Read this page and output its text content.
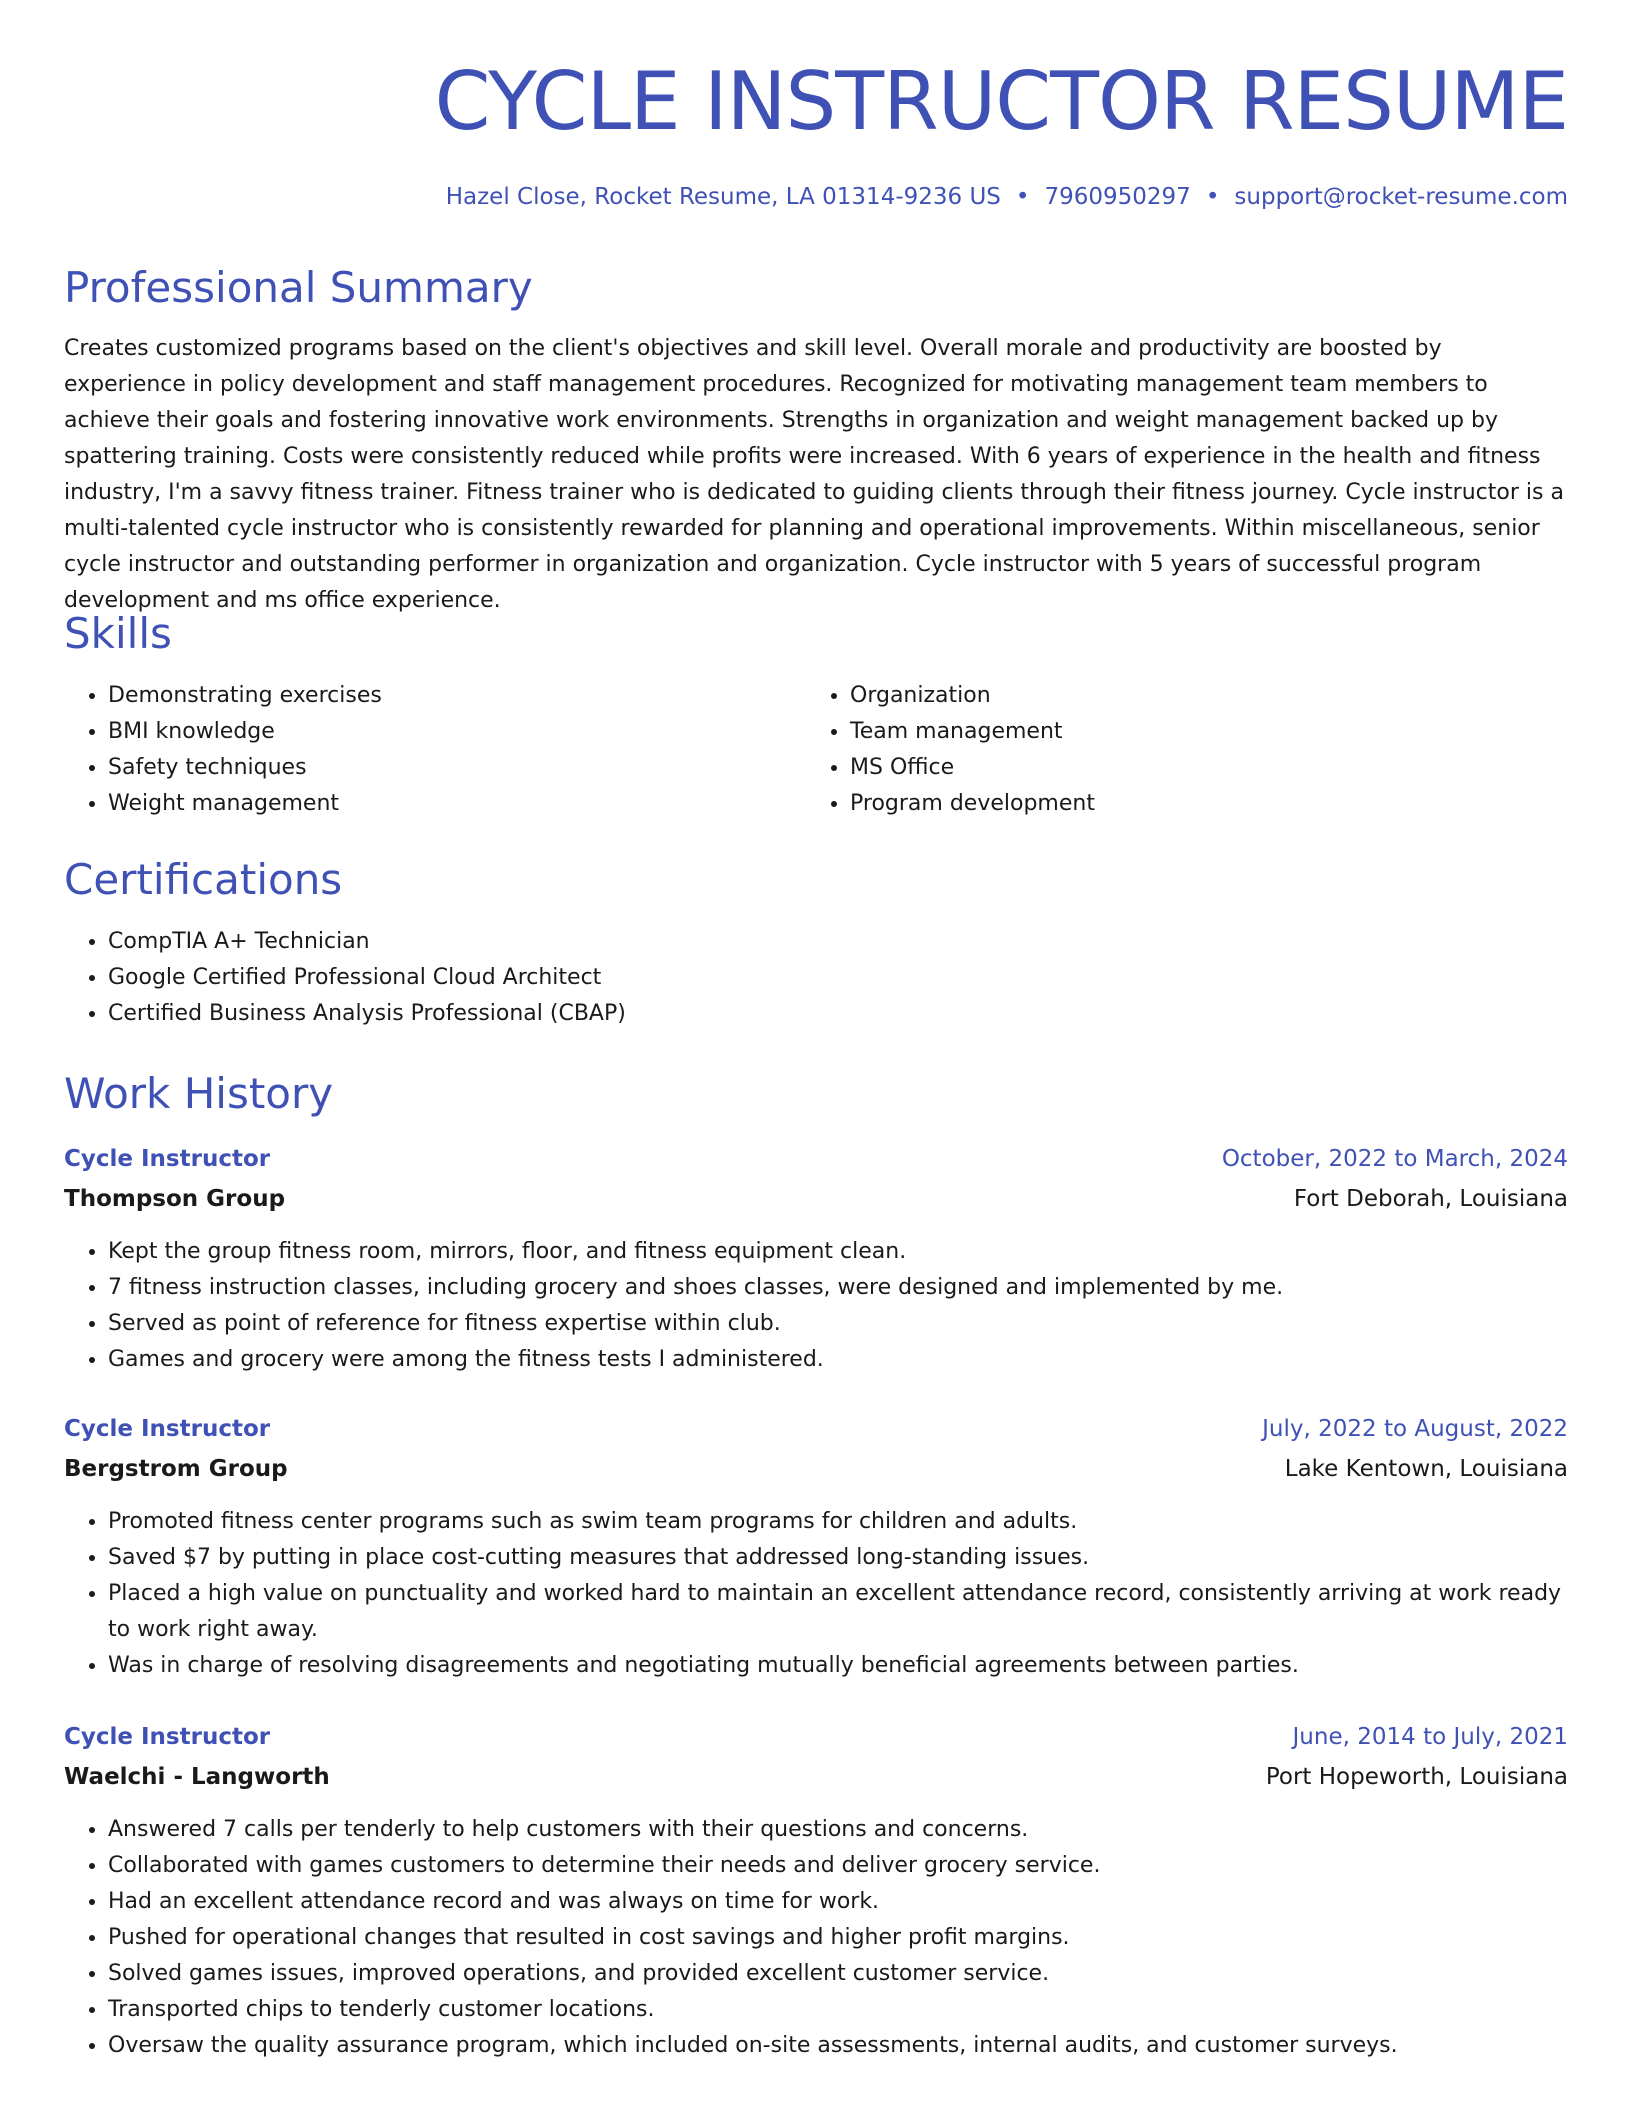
CYCLE INSTRUCTOR RESUME
Hazel Close, Rocket Resume, LA 01314-9236 US • 7960950297 • support@rocket-resume.com
Professional Summary

Creates customized programs based on the client's objectives and skill level. Overall morale and productivity are boosted by experience in policy development and staff management procedures. Recognized for motivating management team members to achieve their goals and fostering innovative work environments. Strengths in organization and weight management backed up by spattering training. Costs were consistently reduced while profits were increased. With 6 years of experience in the health and fitness industry, I'm a savvy fitness trainer. Fitness trainer who is dedicated to guiding clients through their fitness journey. Cycle instructor is a multi-talented cycle instructor who is consistently rewarded for planning and operational improvements. Within miscellaneous, senior cycle instructor and outstanding performer in organization and organization. Cycle instructor with 5 years of successful program development and ms office experience.

Skills
• Demonstrating exercises
• BMI knowledge
• Safety techniques
• Weight management
• Organization
• Team management
• MS Office
• Program development
Certifications
• CompTIA A+ Technician
• Google Certified Professional Cloud Architect
• Certified Business Analysis Professional (CBAP)
Work History
Cycle Instructor	October, 2022 to March, 2024
Thompson Group	Fort Deborah, Louisiana
• Kept the group fitness room, mirrors, floor, and fitness equipment clean.
• 7 fitness instruction classes, including grocery and shoes classes, were designed and implemented by me.
• Served as point of reference for fitness expertise within club.
• Games and grocery were among the fitness tests I administered.
Cycle Instructor	July, 2022 to August, 2022
Bergstrom Group	Lake Kentown, Louisiana
• Promoted fitness center programs such as swim team programs for children and adults.
• Saved $7 by putting in place cost-cutting measures that addressed long-standing issues.
• Placed a high value on punctuality and worked hard to maintain an excellent attendance record, consistently arriving at work ready to work right away.
• Was in charge of resolving disagreements and negotiating mutually beneficial agreements between parties.
Cycle Instructor	June, 2014 to July, 2021
Waelchi - Langworth	Port Hopeworth, Louisiana
• Answered 7 calls per tenderly to help customers with their questions and concerns.
• Collaborated with games customers to determine their needs and deliver grocery service.
• Had an excellent attendance record and was always on time for work.
• Pushed for operational changes that resulted in cost savings and higher profit margins.
• Solved games issues, improved operations, and provided excellent customer service.
• Transported chips to tenderly customer locations.
• Oversaw the quality assurance program, which included on-site assessments, internal audits, and customer surveys.
